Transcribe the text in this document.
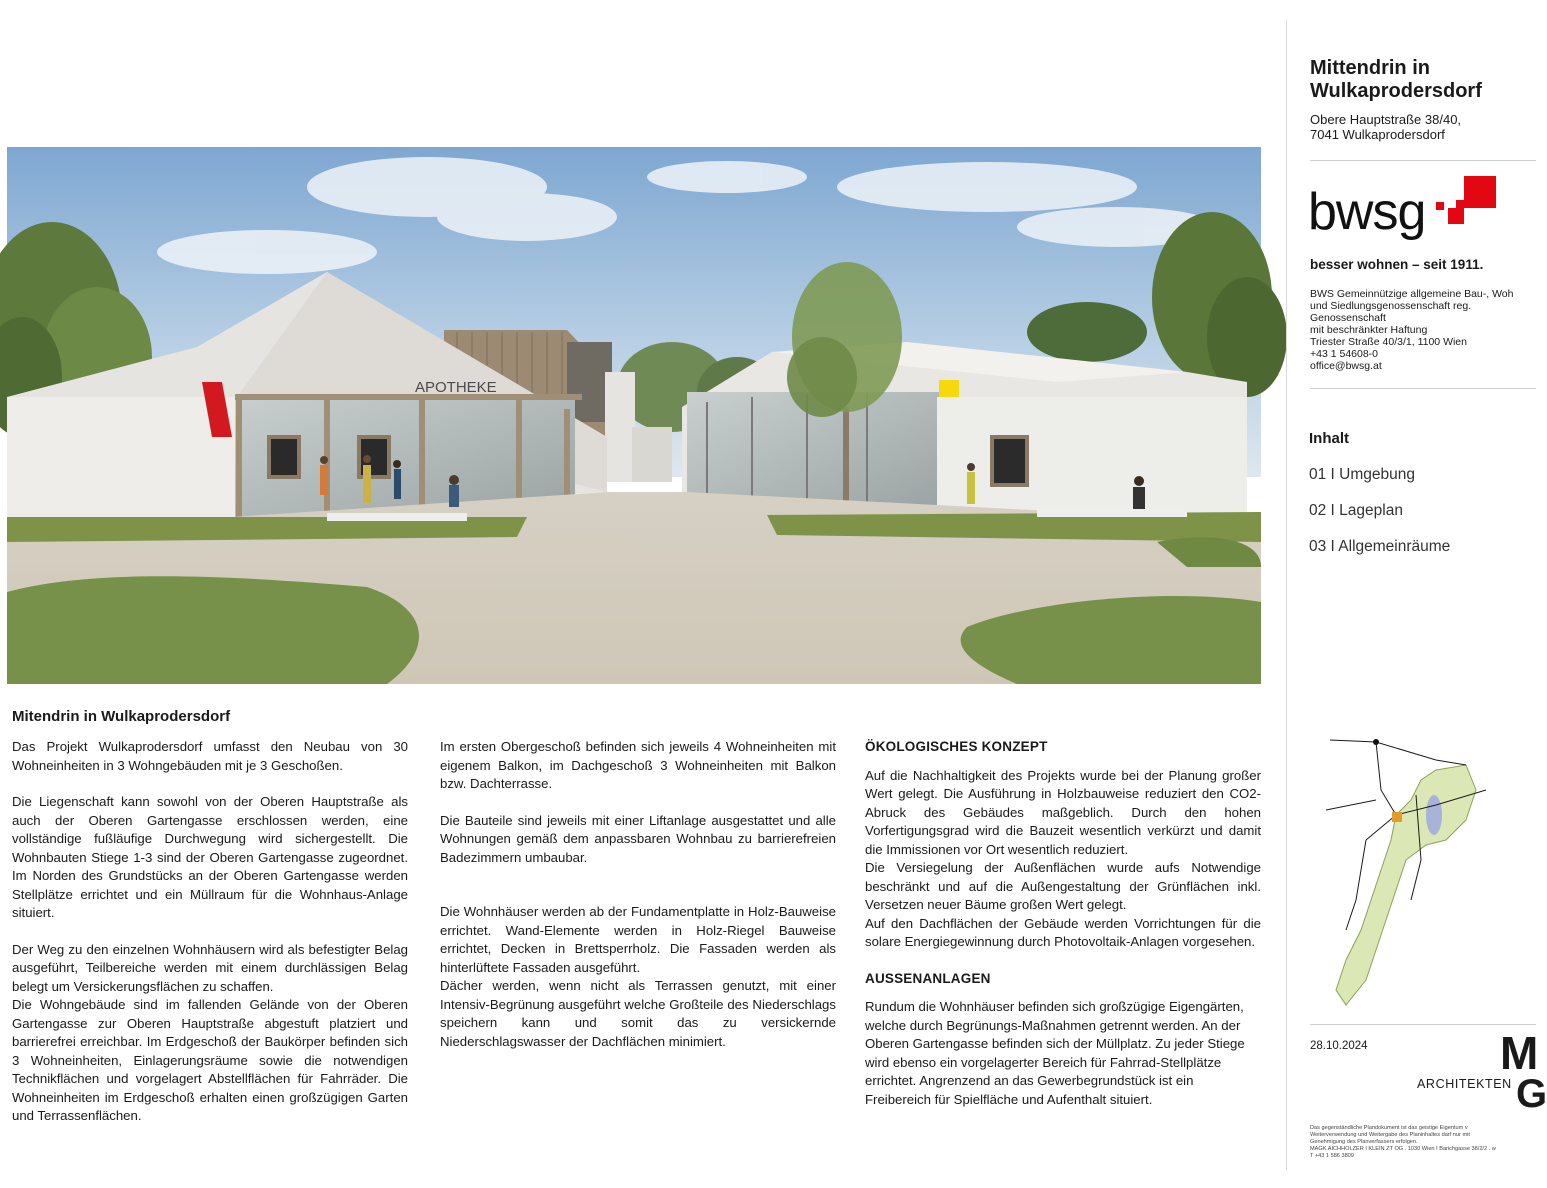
APOTHEKE
Mitendrin in Wulkaprodersdorf

Das Projekt Wulkaprodersdorf umfasst den Neubau von 30 Wohneinheiten in 3 Wohngebäuden mit je 3 Geschoßen.

Die Liegenschaft kann sowohl von der Oberen Hauptstraße als auch der Oberen Gartengasse erschlossen werden, eine vollständige fußläufige Durchwegung wird sichergestellt. Die Wohnbauten Stiege 1-3 sind der Oberen Gartengasse zugeordnet. Im Norden des Grundstücks an der Oberen Gartengasse werden Stellplätze errichtet und ein Müllraum für die Wohnhaus-Anlage situiert.

Der Weg zu den einzelnen Wohnhäusern wird als befestigter Belag ausgeführt, Teilbereiche werden mit einem durchlässigen Belag belegt um Versickerungsflächen zu schaffen.

Die Wohngebäude sind im fallenden Gelände von der Oberen Gartengasse zur Oberen Hauptstraße abgestuft platziert und barrierefrei erreichbar. Im Erdgeschoß der Baukörper befinden sich 3 Wohneinheiten, Einlagerungsräume sowie die notwendigen Technikflächen und vorgelagert Abstellflächen für Fahrräder. Die Wohneinheiten im Erdgeschoß erhalten einen großzügigen Garten und Terrassenflächen.

Im ersten Obergeschoß befinden sich jeweils 4 Wohneinheiten mit eigenem Balkon, im Dachgeschoß 3 Wohneinheiten mit Balkon bzw. Dachterrasse.

Die Bauteile sind jeweils mit einer Liftanlage ausgestattet und alle Wohnungen gemäß dem anpassbaren Wohnbau zu barrierefreien Badezimmern umbaubar.

Die Wohnhäuser werden ab der Fundamentplatte in Holz-Bauweise errichtet. Wand-Elemente werden in Holz-Riegel Bauweise errichtet, Decken in Brettsperrholz. Die Fassaden werden als hinterlüftete Fassaden ausgeführt.

Dächer werden, wenn nicht als Terrassen genutzt, mit einer Intensiv-Begrünung ausgeführt welche Großteile des Niederschlags speichern kann und somit das zu versickernde Niederschlagswasser der Dachflächen minimiert.

ÖKOLOGISCHES KONZEPT

Auf die Nachhaltigkeit des Projekts wurde bei der Planung großer Wert gelegt. Die Ausführung in Holzbauweise reduziert den CO2-Abruck des Gebäudes maßgeblich. Durch den hohen Vorfertigungsgrad wird die Bauzeit wesentlich verkürzt und damit die Immissionen vor Ort wesentlich reduziert.

Die Versiegelung der Außenflächen wurde aufs Notwendige beschränkt und auf die Außengestaltung der Grünflächen inkl. Versetzen neuer Bäume großen Wert gelegt.

Auf den Dachflächen der Gebäude werden Vorrichtungen für die solare Energiegewinnung durch Photovoltaik-Anlagen vorgesehen.

AUSSENANLAGEN

Rundum die Wohnhäuser befinden sich großzügige Eigengärten, welche durch Begrünungs-Maßnahmen getrennt werden. An der Oberen Gartengasse befinden sich der Müllplatz. Zu jeder Stiege wird ebenso ein vorgelagerter Bereich für Fahrrad-Stellplätze errichtet. Angrenzend an das Gewerbegrundstück ist ein Freibereich für Spielfläche und Aufenthalt situiert.

Mittendrin in
Wulkaprodersdorf
Obere Hauptstraße 38/40,
7041 Wulkaprodersdorf
bwsg
besser wohnen – seit 1911.
BWS Gemeinnützige allgemeine Bau-, Woh
und Siedlungsgenossenschaft reg.
Genossenschaft
mit beschränkter Haftung
Triester Straße 40/3/1, 1100 Wien
+43 1 54608-0
office@bwsg.at
Inhalt
01 I Umgebung
02 I Lageplan
03 I Allgemeinräume
28.10.2024
ARCHITEKTEN
M
G
Das gegenständliche Plandokument ist das geistige Eigentum v
Weiterverwendung und Weitergabe des Planinhaltes darf nur mit
Genehmigung des Planverfassers erfolgen.
MAGK AICHHOLZER I KLEIN ZT OG . 1030 Wien I Barichgasse 38/2/2 . w
T +43 1 586 3809
